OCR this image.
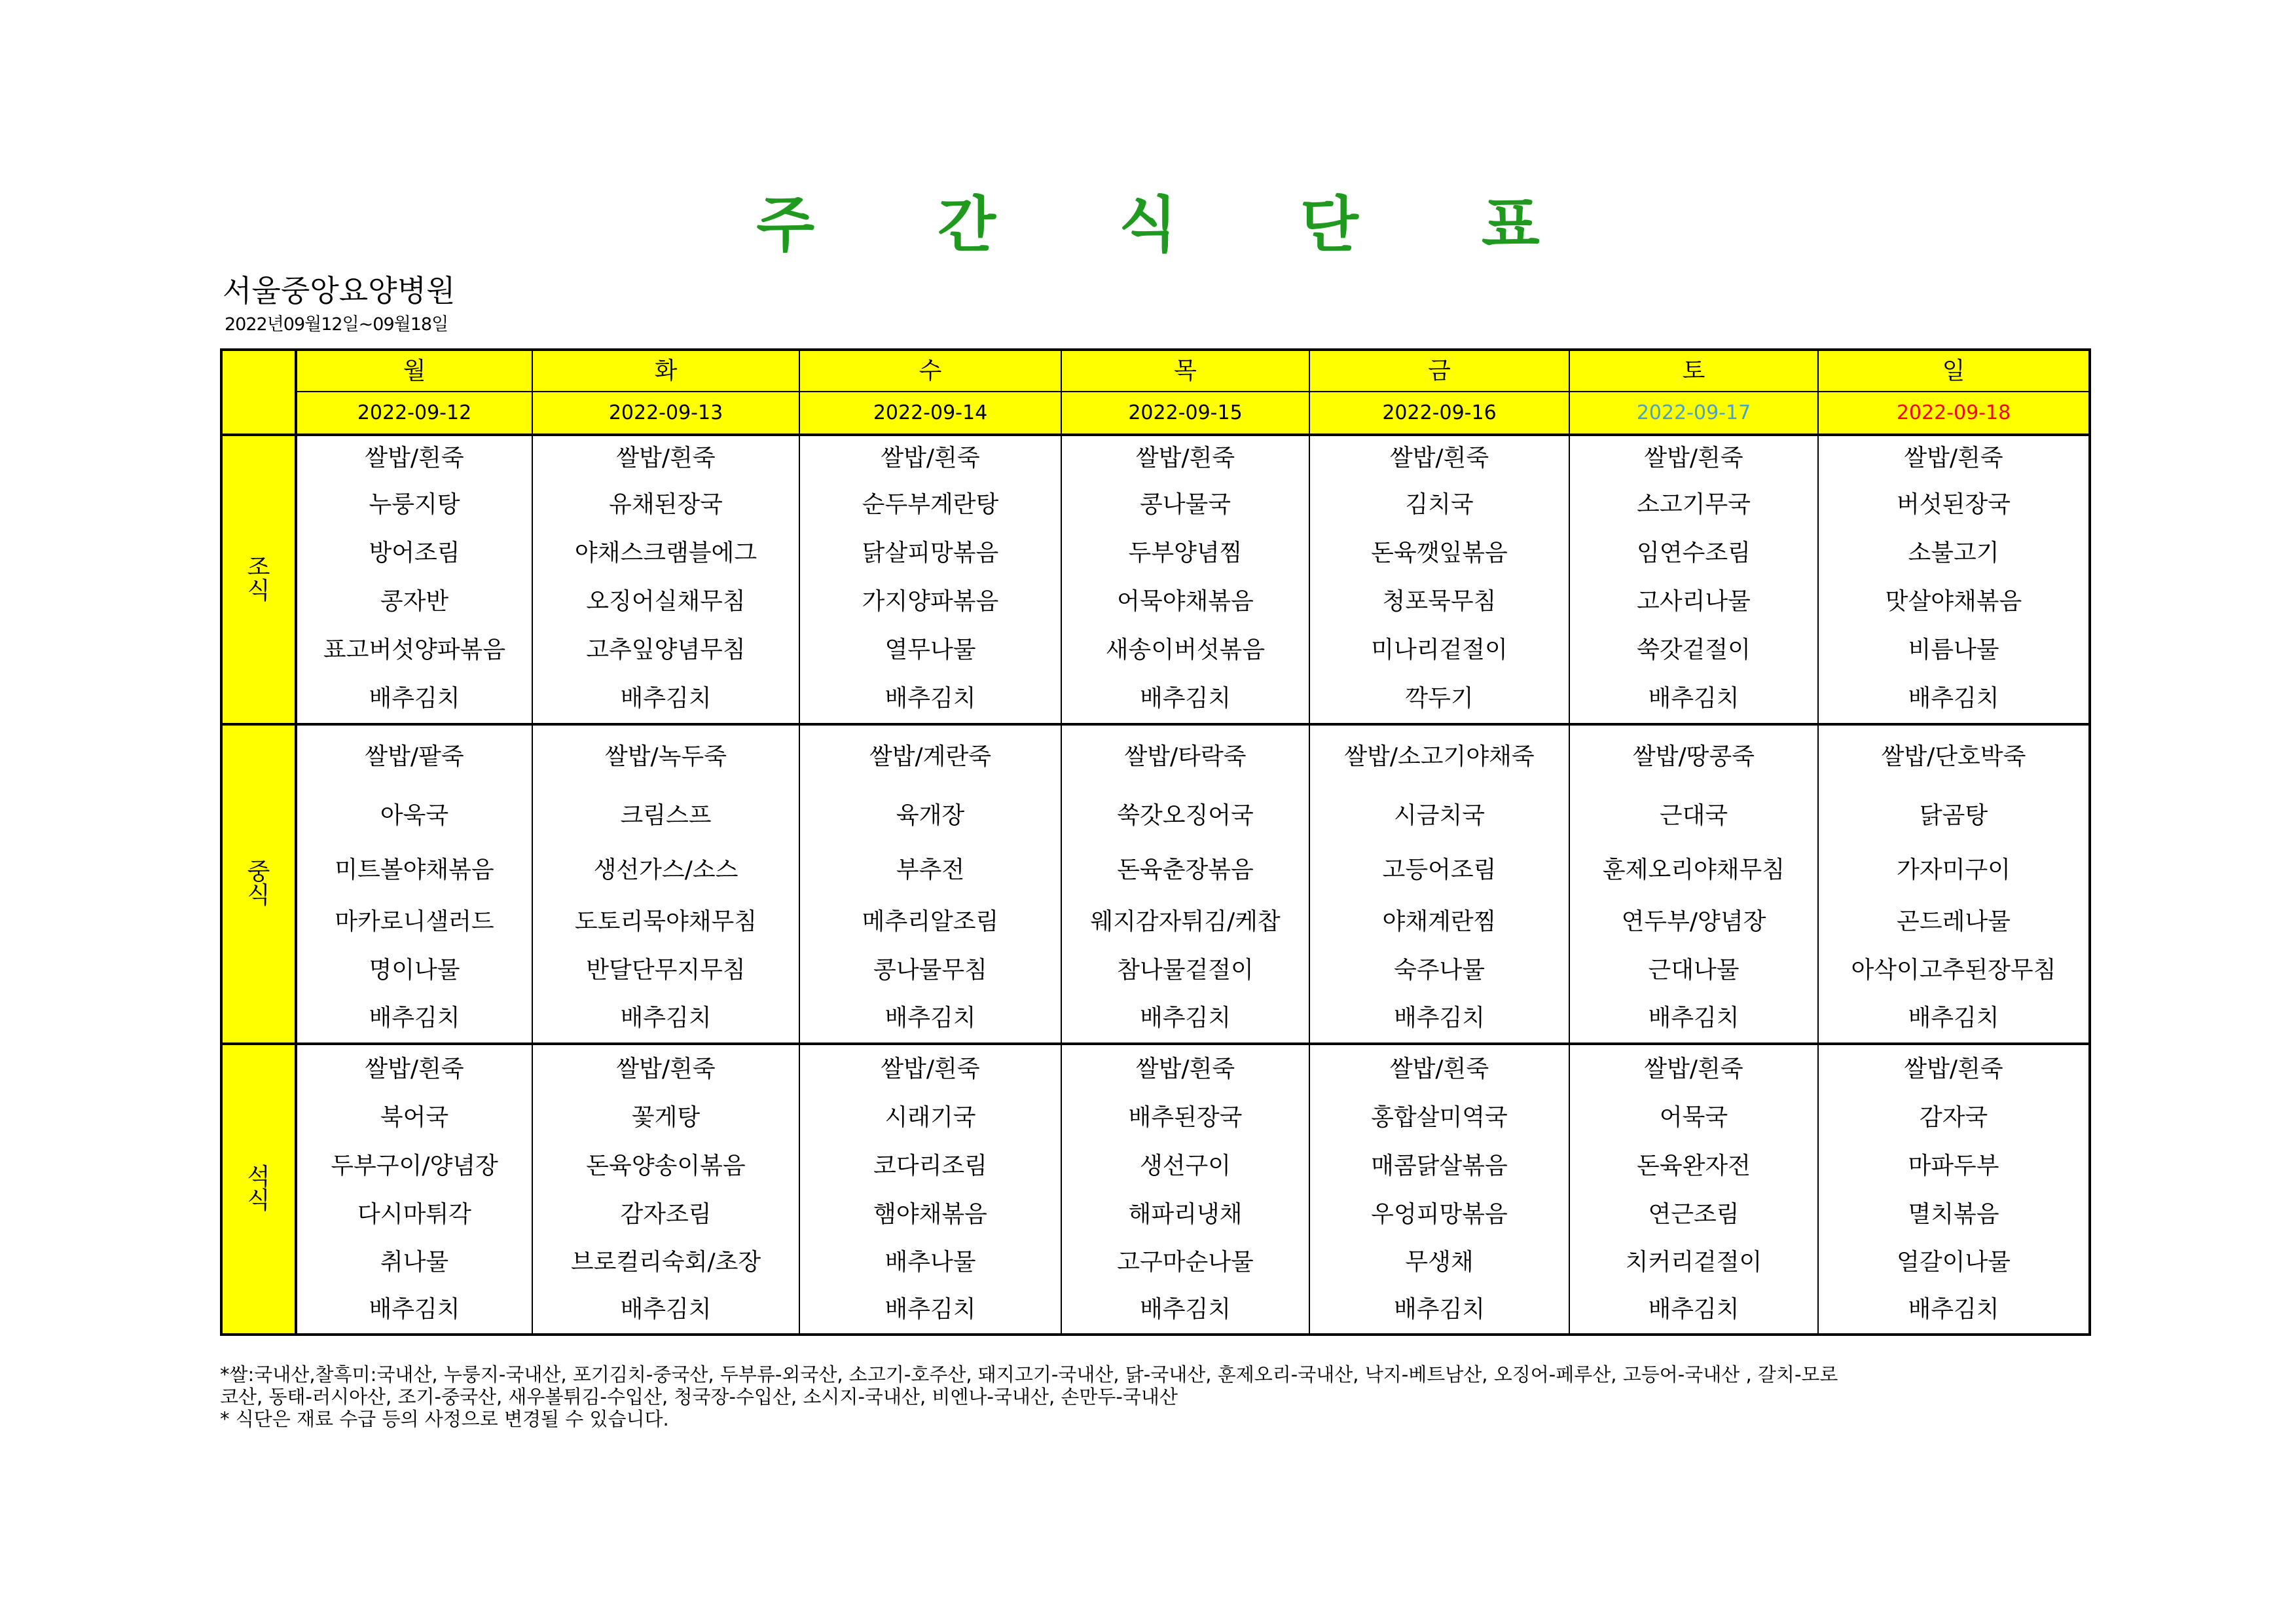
주 간 식 단 표
서울중앙요양병원
2022년09월12일~09월18일
	월	화	수	목	금	토	일
	2022-09-12	2022-09-13	2022-09-14	2022-09-15	2022-09-16	2022-09-17	2022-09-18
조
식	쌀밥/흰죽	쌀밥/흰죽	쌀밥/흰죽	쌀밥/흰죽	쌀밥/흰죽	쌀밥/흰죽	쌀밥/흰죽
	누룽지탕	유채된장국	순두부계란탕	콩나물국	김치국	소고기무국	버섯된장국
	방어조림	야채스크램블에그	닭살피망볶음	두부양념찜	돈육깻잎볶음	임연수조림	소불고기
	콩자반	오징어실채무침	가지양파볶음	어묵야채볶음	청포묵무침	고사리나물	맛살야채볶음
	표고버섯양파볶음	고추잎양념무침	열무나물	새송이버섯볶음	미나리겉절이	쑥갓겉절이	비름나물
	배추김치	배추김치	배추김치	배추김치	깍두기	배추김치	배추김치
중
식	쌀밥/팥죽	쌀밥/녹두죽	쌀밥/계란죽	쌀밥/타락죽	쌀밥/소고기야채죽	쌀밥/땅콩죽	쌀밥/단호박죽
	아욱국	크림스프	육개장	쑥갓오징어국	시금치국	근대국	닭곰탕
	미트볼야채볶음	생선가스/소스	부추전	돈육춘장볶음	고등어조림	훈제오리야채무침	가자미구이
	마카로니샐러드	도토리묵야채무침	메추리알조림	웨지감자튀김/케찹	야채계란찜	연두부/양념장	곤드레나물
	명이나물	반달단무지무침	콩나물무침	참나물겉절이	숙주나물	근대나물	아삭이고추된장무침
	배추김치	배추김치	배추김치	배추김치	배추김치	배추김치	배추김치
석
식	쌀밥/흰죽	쌀밥/흰죽	쌀밥/흰죽	쌀밥/흰죽	쌀밥/흰죽	쌀밥/흰죽	쌀밥/흰죽
	북어국	꽃게탕	시래기국	배추된장국	홍합살미역국	어묵국	감자국
	두부구이/양념장	돈육양송이볶음	코다리조림	생선구이	매콤닭살볶음	돈육완자전	마파두부
	다시마튀각	감자조림	햄야채볶음	해파리냉채	우엉피망볶음	연근조림	멸치볶음
	취나물	브로컬리숙회/초장	배추나물	고구마순나물	무생채	치커리겉절이	얼갈이나물
	배추김치	배추김치	배추김치	배추김치	배추김치	배추김치	배추김치
*쌀:국내산,찰흑미:국내산, 누룽지-국내산, 포기김치-중국산, 두부류-외국산, 소고기-호주산, 돼지고기-국내산, 닭-국내산, 훈제오리-국내산, 낙지-베트남산, 오징어-페루산, 고등어-국내산 , 갈치-모로
코산, 동태-러시아산, 조기-중국산, 새우볼튀김-수입산, 청국장-수입산, 소시지-국내산, 비엔나-국내산, 손만두-국내산
* 식단은 재료 수급 등의 사정으로 변경될 수 있습니다.
